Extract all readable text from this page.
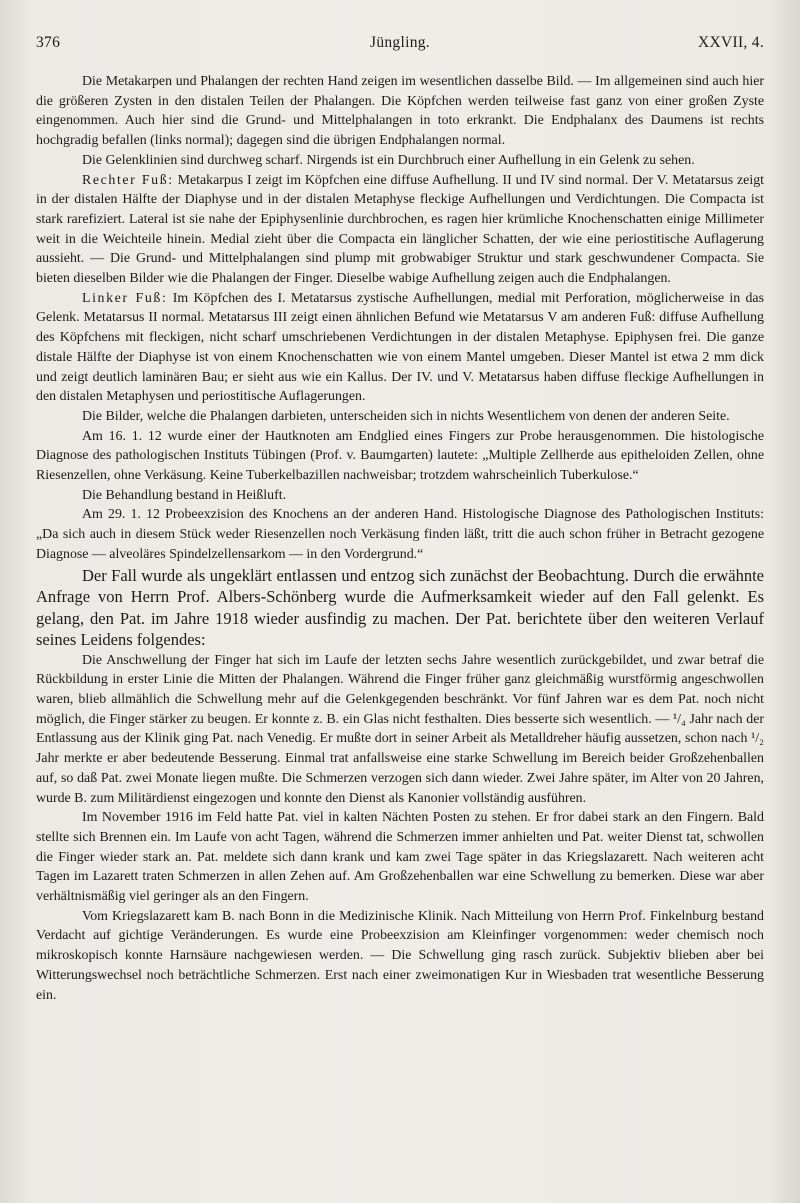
376	Jüngling.	XXVII, 4.

Die Metakarpen und Phalangen der rechten Hand zeigen im wesentlichen dasselbe Bild. — Im allgemeinen sind auch hier die größeren Zysten in den distalen Teilen der Phalangen. Die Köpfchen werden teilweise fast ganz von einer großen Zyste eingenommen. Auch hier sind die Grund- und Mittelphalangen in toto erkrankt. Die Endphalanx des Daumens ist rechts hochgradig befallen (links normal); dagegen sind die übrigen Endphalangen normal.

Die Gelenklinien sind durchweg scharf. Nirgends ist ein Durchbruch einer Aufhellung in ein Gelenk zu sehen.

Rechter Fuß: Metakarpus I zeigt im Köpfchen eine diffuse Aufhellung. II und IV sind normal. Der V. Metatarsus zeigt in der distalen Hälfte der Diaphyse und in der distalen Metaphyse fleckige Aufhellungen und Verdichtungen. Die Compacta ist stark rarefiziert. Lateral ist sie nahe der Epiphysenlinie durchbrochen, es ragen hier krümliche Knochenschatten einige Millimeter weit in die Weichteile hinein. Medial zieht über die Compacta ein länglicher Schatten, der wie eine periostitische Auflagerung aussieht. — Die Grund- und Mittelphalangen sind plump mit grobwabiger Struktur und stark geschwundener Compacta. Sie bieten dieselben Bilder wie die Phalangen der Finger. Dieselbe wabige Aufhellung zeigen auch die Endphalangen.

Linker Fuß: Im Köpfchen des I. Metatarsus zystische Aufhellungen, medial mit Perforation, möglicherweise in das Gelenk. Metatarsus II normal. Metatarsus III zeigt einen ähnlichen Befund wie Metatarsus V am anderen Fuß: diffuse Aufhellung des Köpfchens mit fleckigen, nicht scharf umschriebenen Verdichtungen in der distalen Metaphyse. Epiphysen frei. Die ganze distale Hälfte der Diaphyse ist von einem Knochenschatten wie von einem Mantel umgeben. Dieser Mantel ist etwa 2 mm dick und zeigt deutlich laminären Bau; er sieht aus wie ein Kallus. Der IV. und V. Metatarsus haben diffuse fleckige Aufhellungen in den distalen Metaphysen und periostitische Auflagerungen.

Die Bilder, welche die Phalangen darbieten, unterscheiden sich in nichts Wesentlichem von denen der anderen Seite.

Am 16. 1. 12 wurde einer der Hautknoten am Endglied eines Fingers zur Probe herausgenommen. Die histologische Diagnose des pathologischen Instituts Tübingen (Prof. v. Baumgarten) lautete: „Multiple Zellherde aus epitheloiden Zellen, ohne Riesenzellen, ohne Verkäsung. Keine Tuberkelbazillen nachweisbar; trotzdem wahrscheinlich Tuberkulose.“

Die Behandlung bestand in Heißluft.

Am 29. 1. 12 Probeexzision des Knochens an der anderen Hand. Histologische Diagnose des Pathologischen Instituts: „Da sich auch in diesem Stück weder Riesenzellen noch Verkäsung finden läßt, tritt die auch schon früher in Betracht gezogene Diagnose — alveoläres Spindelzellensarkom — in den Vordergrund.“

Der Fall wurde als ungeklärt entlassen und entzog sich zunächst der Beobachtung. Durch die erwähnte Anfrage von Herrn Prof. Albers-Schönberg wurde die Aufmerksamkeit wieder auf den Fall gelenkt. Es gelang, den Pat. im Jahre 1918 wieder ausfindig zu machen. Der Pat. berichtete über den weiteren Verlauf seines Leidens folgendes:

Die Anschwellung der Finger hat sich im Laufe der letzten sechs Jahre wesentlich zurückgebildet, und zwar betraf die Rückbildung in erster Linie die Mitten der Phalangen. Während die Finger früher ganz gleichmäßig wurstförmig angeschwollen waren, blieb allmählich die Schwellung mehr auf die Gelenkgegenden beschränkt. Vor fünf Jahren war es dem Pat. noch nicht möglich, die Finger stärker zu beugen. Er konnte z. B. ein Glas nicht festhalten. Dies besserte sich wesentlich. — ¹/₄ Jahr nach der Entlassung aus der Klinik ging Pat. nach Venedig. Er mußte dort in seiner Arbeit als Metalldreher häufig aussetzen, schon nach ¹/₂ Jahr merkte er aber bedeutende Besserung. Einmal trat anfallsweise eine starke Schwellung im Bereich beider Großzehenballen auf, so daß Pat. zwei Monate liegen mußte. Die Schmerzen verzogen sich dann wieder. Zwei Jahre später, im Alter von 20 Jahren, wurde B. zum Militärdienst eingezogen und konnte den Dienst als Kanonier vollständig ausführen.

Im November 1916 im Feld hatte Pat. viel in kalten Nächten Posten zu stehen. Er fror dabei stark an den Fingern. Bald stellte sich Brennen ein. Im Laufe von acht Tagen, während die Schmerzen immer anhielten und Pat. weiter Dienst tat, schwollen die Finger wieder stark an. Pat. meldete sich dann krank und kam zwei Tage später in das Kriegslazarett. Nach weiteren acht Tagen im Lazarett traten Schmerzen in allen Zehen auf. Am Großzehenballen war eine Schwellung zu bemerken. Diese war aber verhältnismäßig viel geringer als an den Fingern.

Vom Kriegslazarett kam B. nach Bonn in die Medizinische Klinik. Nach Mitteilung von Herrn Prof. Finkelnburg bestand Verdacht auf gichtige Veränderungen. Es wurde eine Probeexzision am Kleinfinger vorgenommen: weder chemisch noch mikroskopisch konnte Harnsäure nachgewiesen werden. — Die Schwellung ging rasch zurück. Subjektiv blieben aber bei Witterungswechsel noch beträchtliche Schmerzen. Erst nach einer zweimonatigen Kur in Wiesbaden trat wesentliche Besserung ein.
